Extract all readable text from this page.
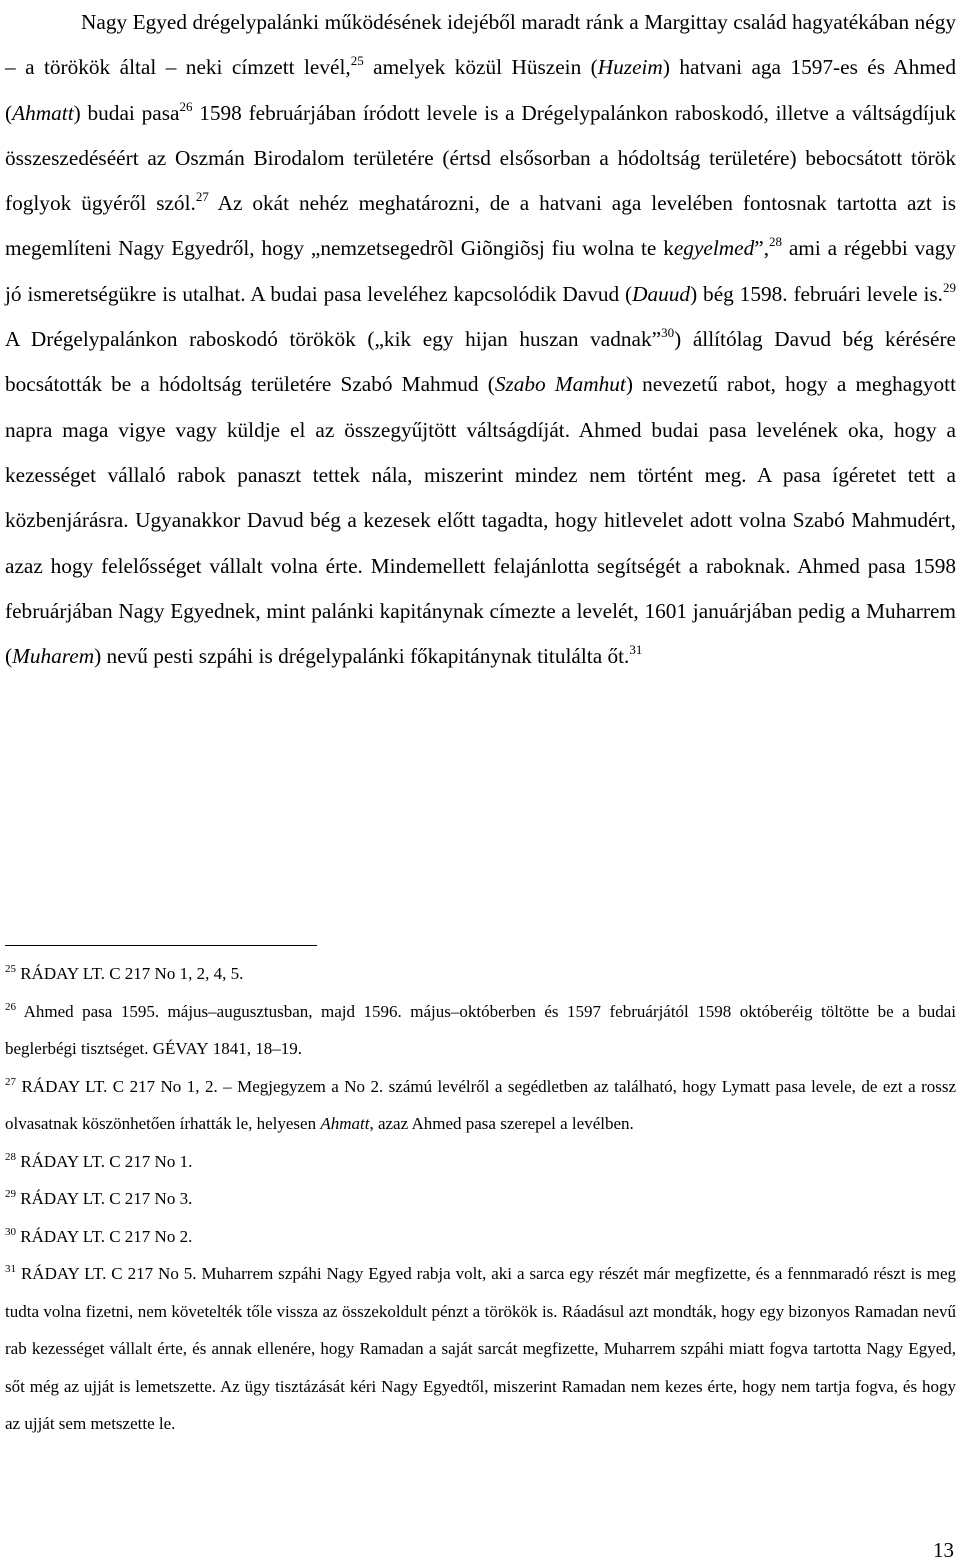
Nagy Egyed drégelypalánki működésének idejéből maradt ránk a Margittay család hagyatékában négy – a törökök által – neki címzett levél,$^{25}$ amelyek közül Hüszein (Huzeim) hatvani aga 1597-es és Ahmed (Ahmatt) budai pasa$^{26}$ 1598 februárjában íródott levele is a Drégelypalánkon raboskodó, illetve a váltságdíjuk összeszedéséért az Oszmán Birodalom területére (értsd elsősorban a hódoltság területére) bebocsátott török foglyok ügyéről szól.$^{27}$ Az okát nehéz meghatározni, de a hatvani aga levelében fontosnak tartotta azt is megemlíteni Nagy Egyedről, hogy „nemzetsegedrõl Giõngiõsj fiu wolna te kegyelmed”,$^{28}$ ami a régebbi vagy jó ismeretségükre is utalhat. A budai pasa leveléhez kapcsolódik Davud (Dauud) bég 1598. februári levele is.$^{29}$ A Drégelypalánkon raboskodó törökök („kik egy hijan huszan vadnak”$^{30}$) állítólag Davud bég kérésére bocsátották be a hódoltság területére Szabó Mahmud (Szabo Mamhut) nevezetű rabot, hogy a meghagyott napra maga vigye vagy küldje el az összegyűjtött váltságdíját. Ahmed budai pasa levelének oka, hogy a kezességet vállaló rabok panaszt tettek nála, miszerint mindez nem történt meg. A pasa ígéretet tett a közbenjárásra. Ugyanakkor Davud bég a kezesek előtt tagadta, hogy hitlevelet adott volna Szabó Mahmudért, azaz hogy felelősséget vállalt volna érte. Mindemellett felajánlotta segítségét a raboknak. Ahmed pasa 1598 februárjában Nagy Egyednek, mint palánki kapitánynak címezte a levelét, 1601 januárjában pedig a Muharrem (Muharem) nevű pesti szpáhi is drégelypalánki főkapitánynak titulálta őt.$^{31}$

$^{25}$ RÁDAY LT. C 217 No 1, 2, 4, 5.

$^{26}$ Ahmed pasa 1595. május–augusztusban, majd 1596. május–októberben és 1597 februárjától 1598 októberéig töltötte be a budai beglerbégi tisztséget. GÉVAY 1841, 18–19.

$^{27}$ RÁDAY LT. C 217 No 1, 2. – Megjegyzem a No 2. számú levélről a segédletben az található, hogy Lymatt pasa levele, de ezt a rossz olvasatnak köszönhetően írhatták le, helyesen Ahmatt, azaz Ahmed pasa szerepel a levélben.

$^{28}$ RÁDAY LT. C 217 No 1.

$^{29}$ RÁDAY LT. C 217 No 3.

$^{30}$ RÁDAY LT. C 217 No 2.

$^{31}$ RÁDAY LT. C 217 No 5. Muharrem szpáhi Nagy Egyed rabja volt, aki a sarca egy részét már megfizette, és a fennmaradó részt is meg tudta volna fizetni, nem követelték tőle vissza az összekoldult pénzt a törökök is. Ráadásul azt mondták, hogy egy bizonyos Ramadan nevű rab kezességet vállalt érte, és annak ellenére, hogy Ramadan a saját sarcát megfizette, Muharrem szpáhi miatt fogva tartotta Nagy Egyed, sőt még az ujját is lemetszette. Az ügy tisztázását kéri Nagy Egyedtől, miszerint Ramadan nem kezes érte, hogy nem tartja fogva, és hogy az ujját sem metszette le.

13
